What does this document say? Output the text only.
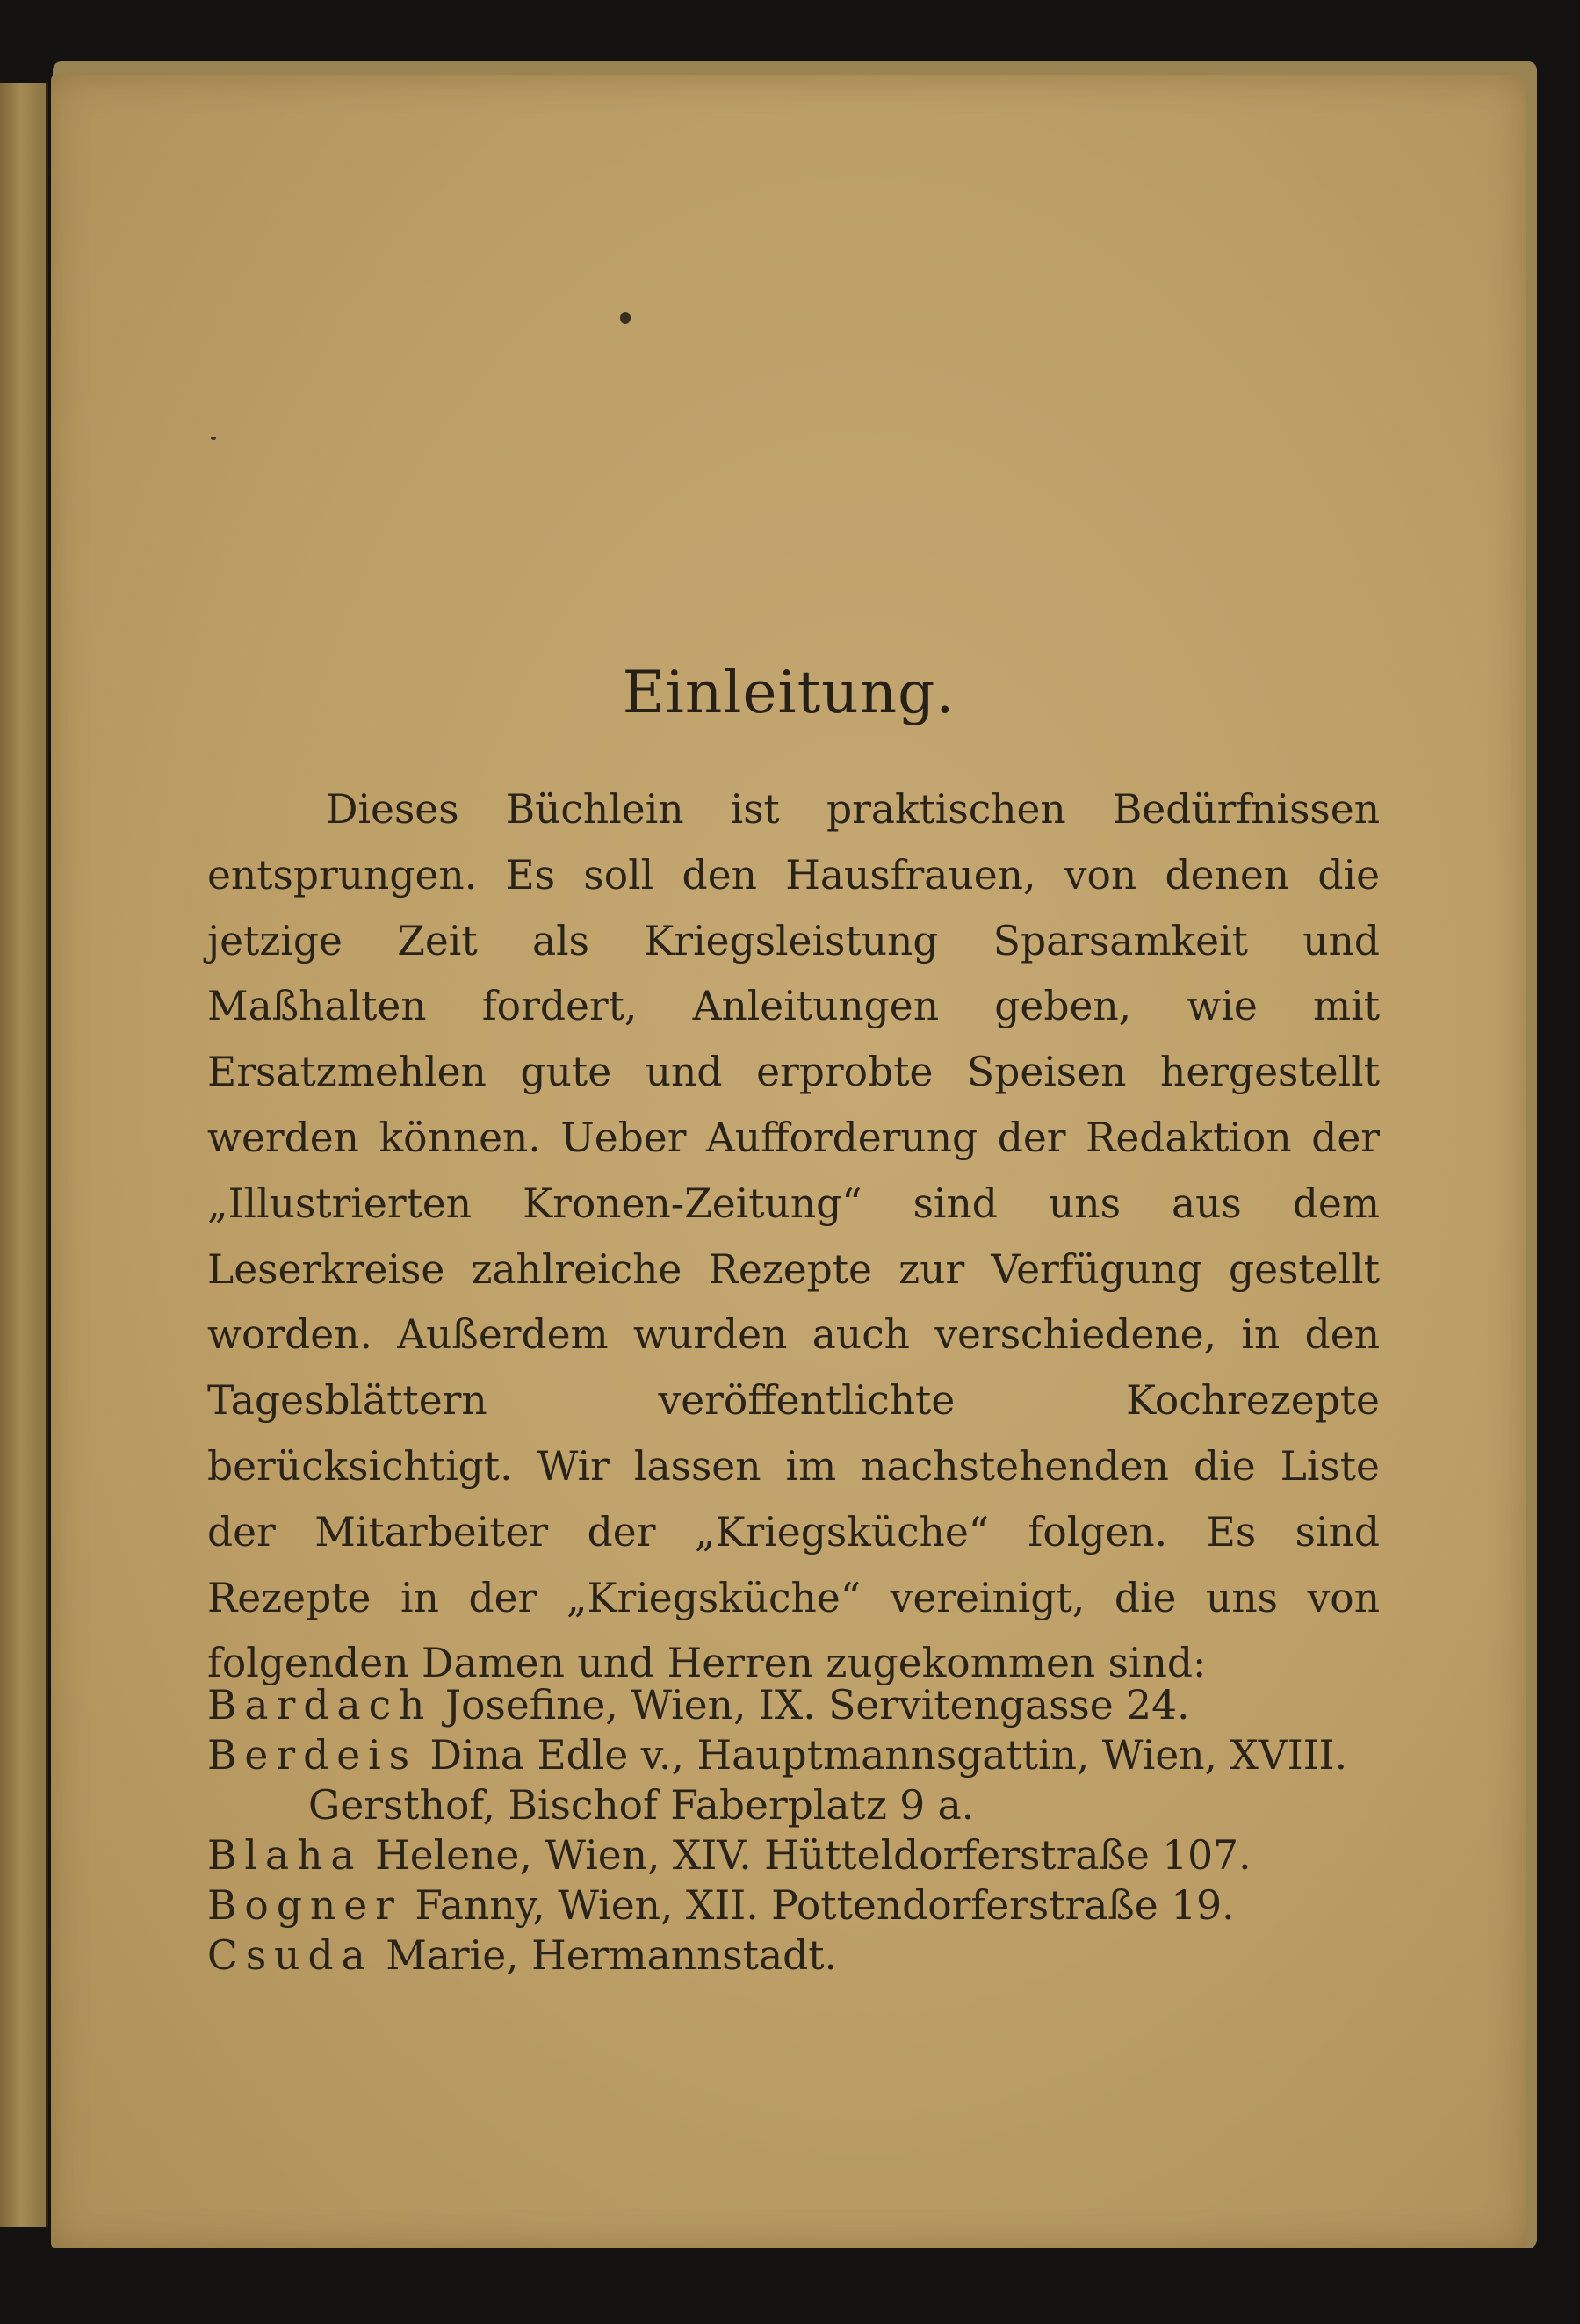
Einleitung.

Dieses Büchlein ist praktischen Bedürfnissen entsprungen. Es soll den Hausfrauen, von denen die jetzige Zeit als Kriegsleistung Sparsamkeit und Maßhalten fordert, Anleitungen geben, wie mit Ersatzmehlen gute und erprobte Speisen hergestellt werden können. Ueber Aufforderung der Redaktion der „Illustrierten Kronen-Zeitung“ sind uns aus dem Leserkreise zahlreiche Rezepte zur Verfügung gestellt worden. Außerdem wurden auch verschiedene, in den Tagesblättern veröffentlichte Kochrezepte berücksichtigt. Wir lassen im nachstehenden die Liste der Mitarbeiter der „Kriegsküche“ folgen. Es sind Rezepte in der „Kriegsküche“ vereinigt, die uns von folgenden Damen und Herren zugekommen sind:

Bardach Josefine, Wien, IX. Servitengasse 24.

Berdeis Dina Edle v., Hauptmannsgattin, Wien, XVIII. Gersthof, Bischof Faberplatz 9 a.

Blaha Helene, Wien, XIV. Hütteldorferstraße 107.

Bogner Fanny, Wien, XII. Pottendorferstraße 19.

Csuda Marie, Hermannstadt.
